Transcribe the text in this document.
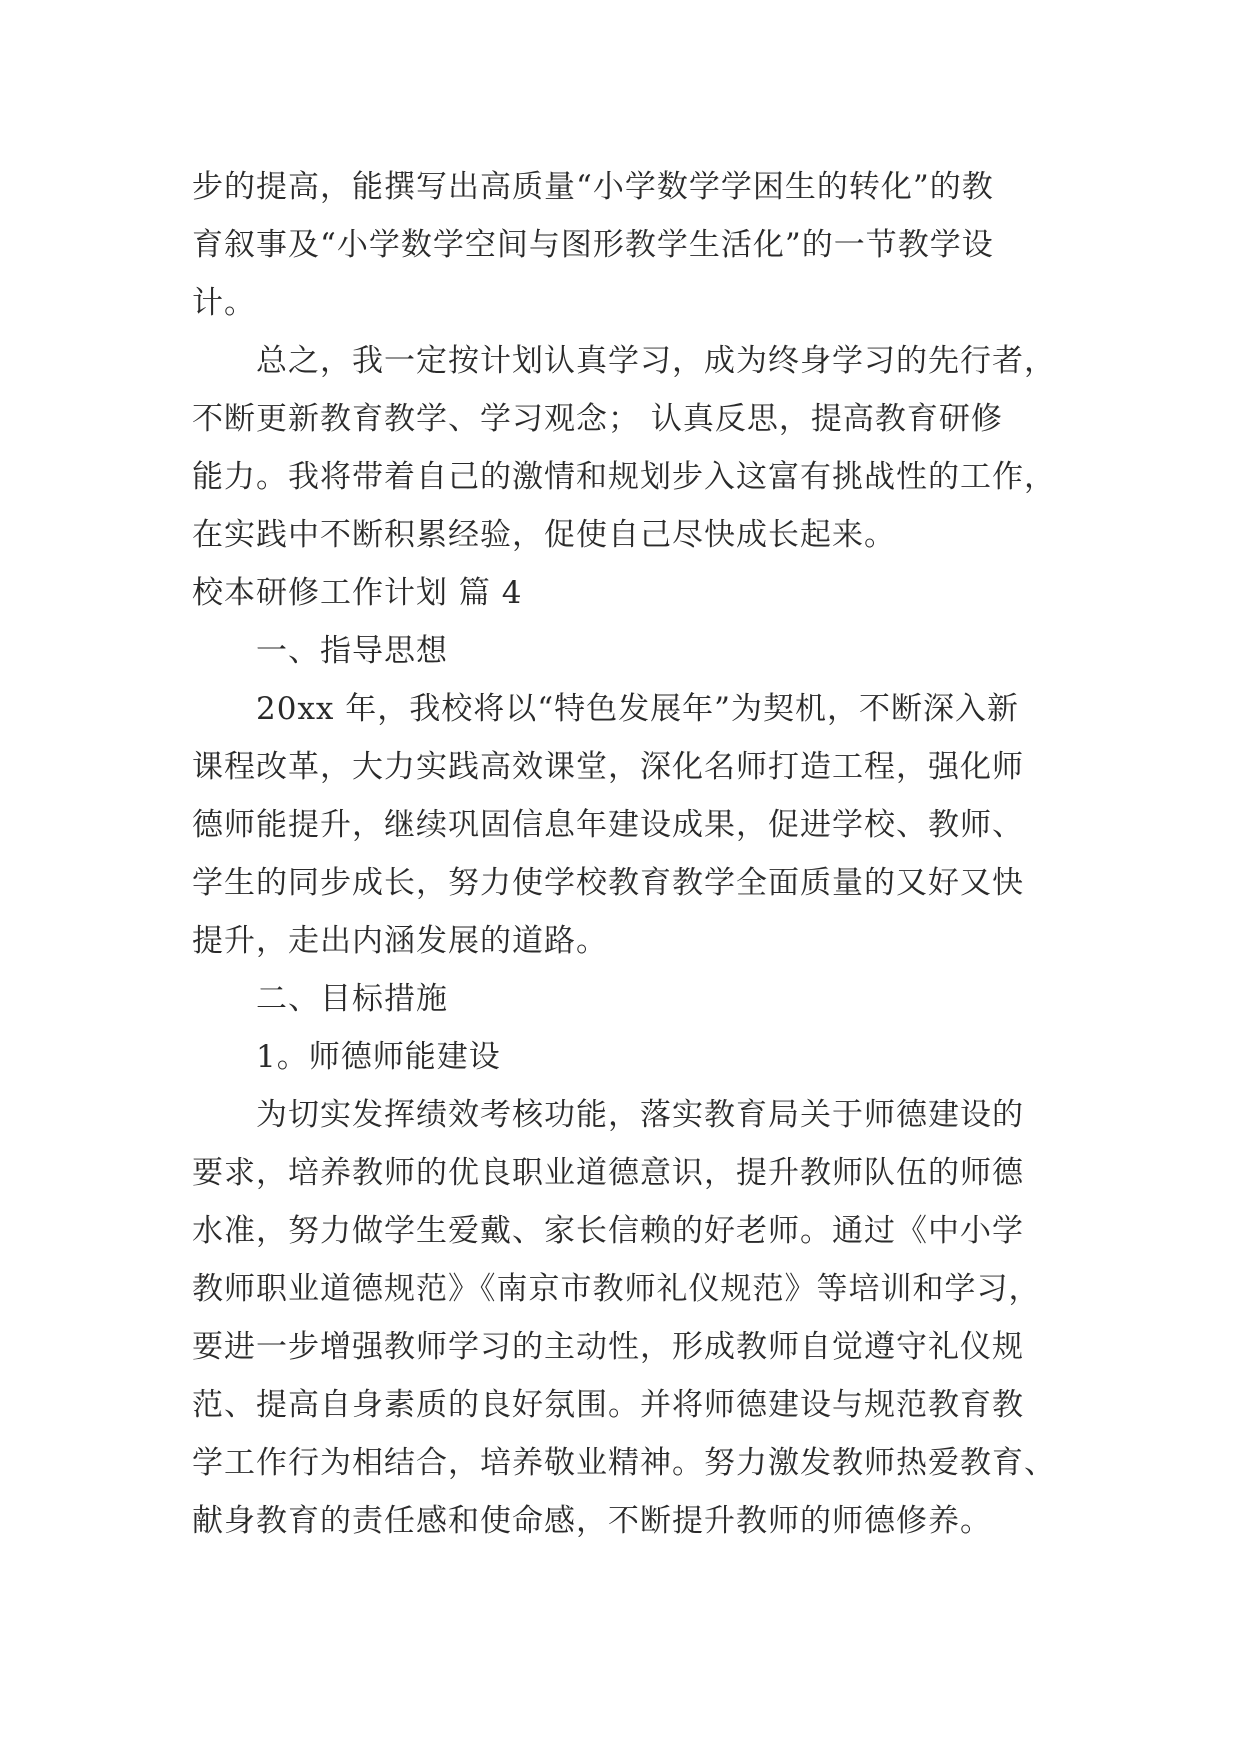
步的提高，能撰写出高质量“小学数学学困生的转化”的教
育叙事及“小学数学空间与图形教学生活化”的一节教学设
计。
总之，我一定按计划认真学习，成为终身学习的先行者，
不断更新教育教学、学习观念； 认真反思，提高教育研修
能力。我将带着自己的激情和规划步入这富有挑战性的工作，
在实践中不断积累经验，促使自己尽快成长起来。
校本研修工作计划 篇 4
一、指导思想
20xx 年，我校将以“特色发展年”为契机，不断深入新
课程改革，大力实践高效课堂，深化名师打造工程，强化师
德师能提升，继续巩固信息年建设成果，促进学校、教师、
学生的同步成长，努力使学校教育教学全面质量的又好又快
提升，走出内涵发展的道路。
二、目标措施
1。师德师能建设
为切实发挥绩效考核功能，落实教育局关于师德建设的
要求，培养教师的优良职业道德意识，提升教师队伍的师德
水准，努力做学生爱戴、家长信赖的好老师。通过《中小学
教师职业道德规范》《南京市教师礼仪规范》等培训和学习，
要进一步增强教师学习的主动性，形成教师自觉遵守礼仪规
范、提高自身素质的良好氛围。并将师德建设与规范教育教
学工作行为相结合，培养敬业精神。努力激发教师热爱教育、
献身教育的责任感和使命感，不断提升教师的师德修养。
